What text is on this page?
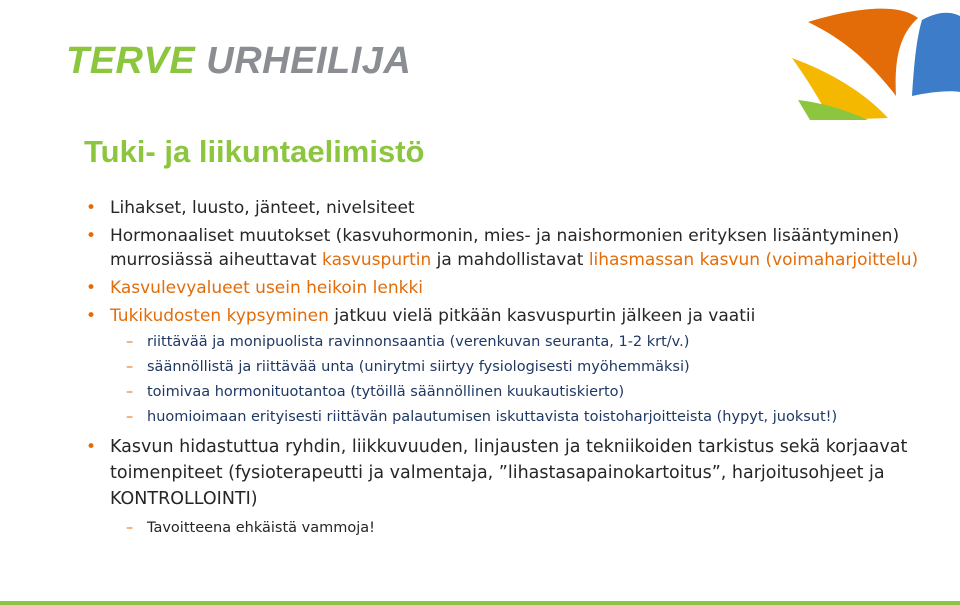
TERVE URHEILIJA
Tuki- ja liikuntaelimistö
• Lihakset, luusto, jänteet, nivelsiteet
• Hormonaaliset muutokset (kasvuhormonin, mies- ja naishormonien erityksen lisääntyminen) murrosiässä aiheuttavat kasvuspurtin ja mahdollistavat lihasmassan kasvun (voimaharjoittelu)
• Kasvulevyalueet usein heikoin lenkki
• Tukikudosten kypsyminen jatkuu vielä pitkään kasvuspurtin jälkeen ja vaatii
– riittävää ja monipuolista ravinnonsaantia (verenkuvan seuranta, 1-2 krt/v.)
– säännöllistä ja riittävää unta (unirytmi siirtyy fysiologisesti myöhemmäksi)
– toimivaa hormonituotantoa (tytöillä säännöllinen kuukautiskierto)
– huomioimaan erityisesti riittävän palautumisen iskuttavista toistoharjoitteista (hypyt, juoksut!)
• Kasvun hidastuttua ryhdin, liikkuvuuden, linjausten ja tekniikoiden tarkistus sekä korjaavat toimenpiteet (fysioterapeutti ja valmentaja, ”lihastasapainokartoitus”, harjoitusohjeet ja KONTROLLOINTI)
– Tavoitteena ehkäistä vammoja!
